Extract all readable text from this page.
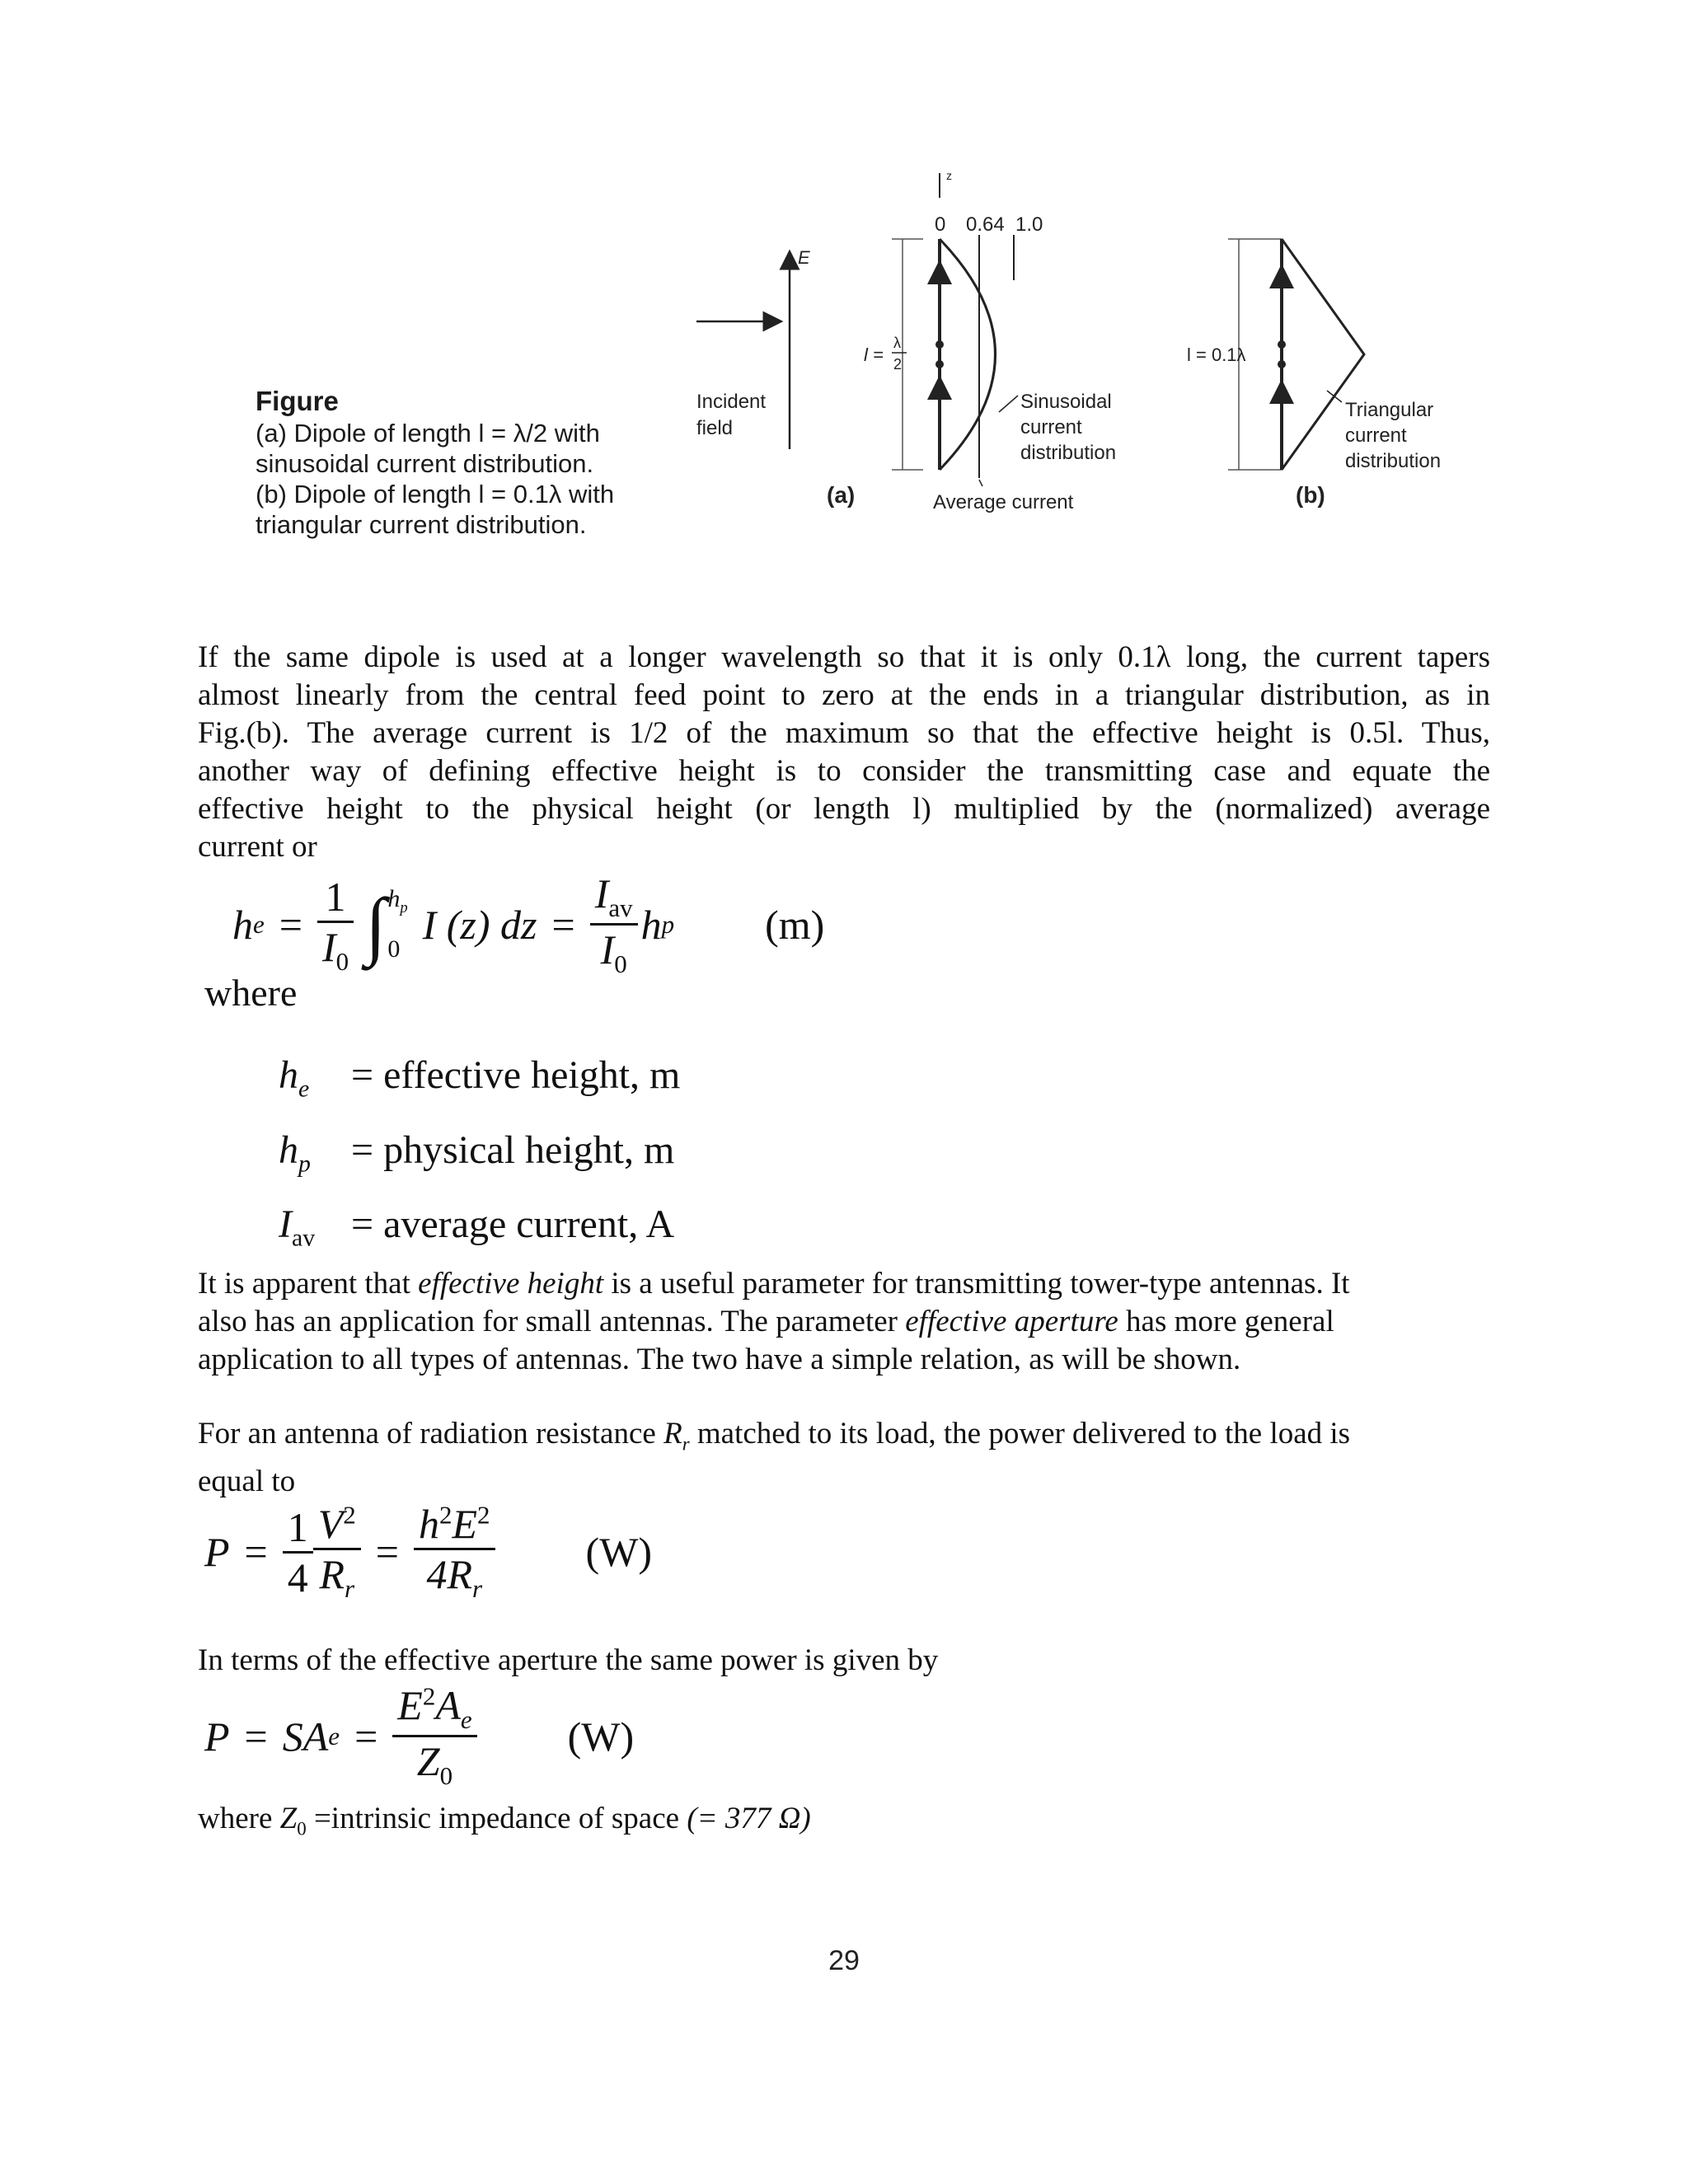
Figure
(a) Dipole of length l = λ/2 with
sinusoidal current distribution.
(b) Dipole of length l = 0.1λ with
triangular current distribution.
z
0 0.64 1.0
E
Incident
field
l =
λ
2
Sinusoidal
current
distribution
(a)	Average current
l = 0.1λ
Triangular
current
distribution
(b)
If the same dipole is used at a longer wavelength so that it is only 0.1λ long, the current tapers
almost linearly from the central feed point to zero at the ends in a triangular distribution, as in
Fig.(b). The average current is 1/2 of the maximum so that the effective height is 0.5l. Thus,
another way of defining effective height is to consider the transmitting case and equate the
effective height to the physical height (or length l) multiplied by the (normalized) average
current or
h $e = \frac{1}{I_0}$ ∫ $h_p$
0
I (z) dz = $\frac{I_{av}}{I_0}$ h p	(m)
where
$h_e$	= effective height, m
$h_p$	= physical height, m
$I_{av}$ = average current, A
It is apparent that effective height is a useful parameter for transmitting tower-type antennas. It
also has an application for small antennas. The parameter effective aperture has more general
application to all types of antennas. The two have a simple relation, as will be shown.
For an antenna of radiation resistance $R_r$ matched to its load, the power delivered to the load is
equal to
$P = \frac{1}{4} \frac{V^2}{R_r} = \frac{h^2E^2}{4R_r}$	(W)
In terms of the effective aperture the same power is given by
P = SA $e = \frac{E^2A_e}{Z_0}$	(W)
where $Z_0$ =intrinsic impedance of space (= 377 Ω)
29
